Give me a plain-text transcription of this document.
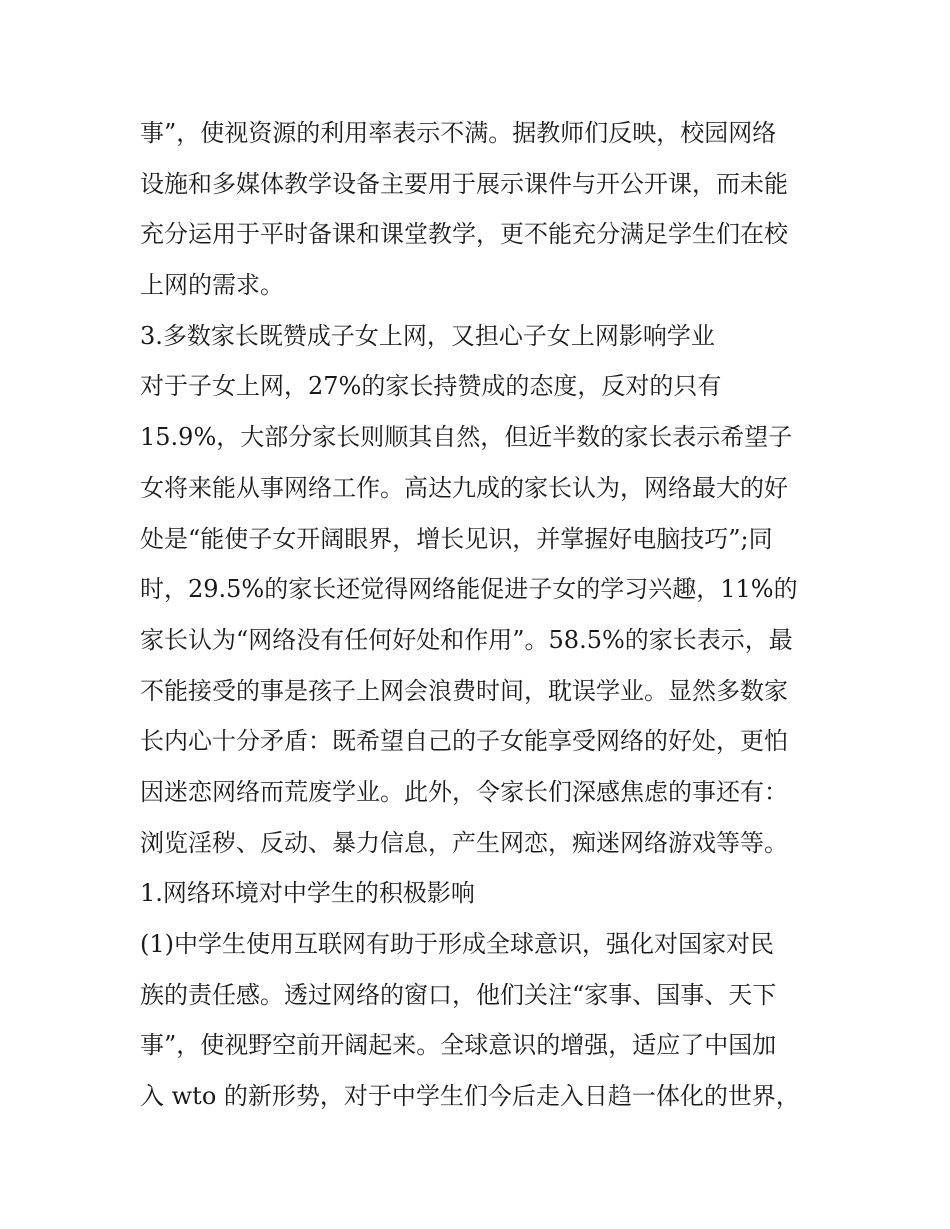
事”，使视资源的利用率表示不满。据教师们反映，校园网络
设施和多媒体教学设备主要用于展示课件与开公开课，而未能
充分运用于平时备课和课堂教学，更不能充分满足学生们在校
上网的需求。
3.多数家长既赞成子女上网，又担心子女上网影响学业
对于子女上网，27%的家长持赞成的态度，反对的只有
15.9%，大部分家长则顺其自然，但近半数的家长表示希望子
女将来能从事网络工作。高达九成的家长认为，网络最大的好
处是“能使子女开阔眼界，增长见识，并掌握好电脑技巧”;同
时，29.5%的家长还觉得网络能促进子女的学习兴趣，11%的
家长认为“网络没有任何好处和作用”。58.5%的家长表示，最
不能接受的事是孩子上网会浪费时间，耽误学业。显然多数家
长内心十分矛盾：既希望自己的子女能享受网络的好处，更怕
因迷恋网络而荒废学业。此外，令家长们深感焦虑的事还有：
浏览淫秽、反动、暴力信息，产生网恋，痴迷网络游戏等等。
1.网络环境对中学生的积极影响
(1)中学生使用互联网有助于形成全球意识，强化对国家对民
族的责任感。透过网络的窗口，他们关注“家事、国事、天下
事”，使视野空前开阔起来。全球意识的增强，适应了中国加
入 wto 的新形势，对于中学生们今后走入日趋一体化的世界，
